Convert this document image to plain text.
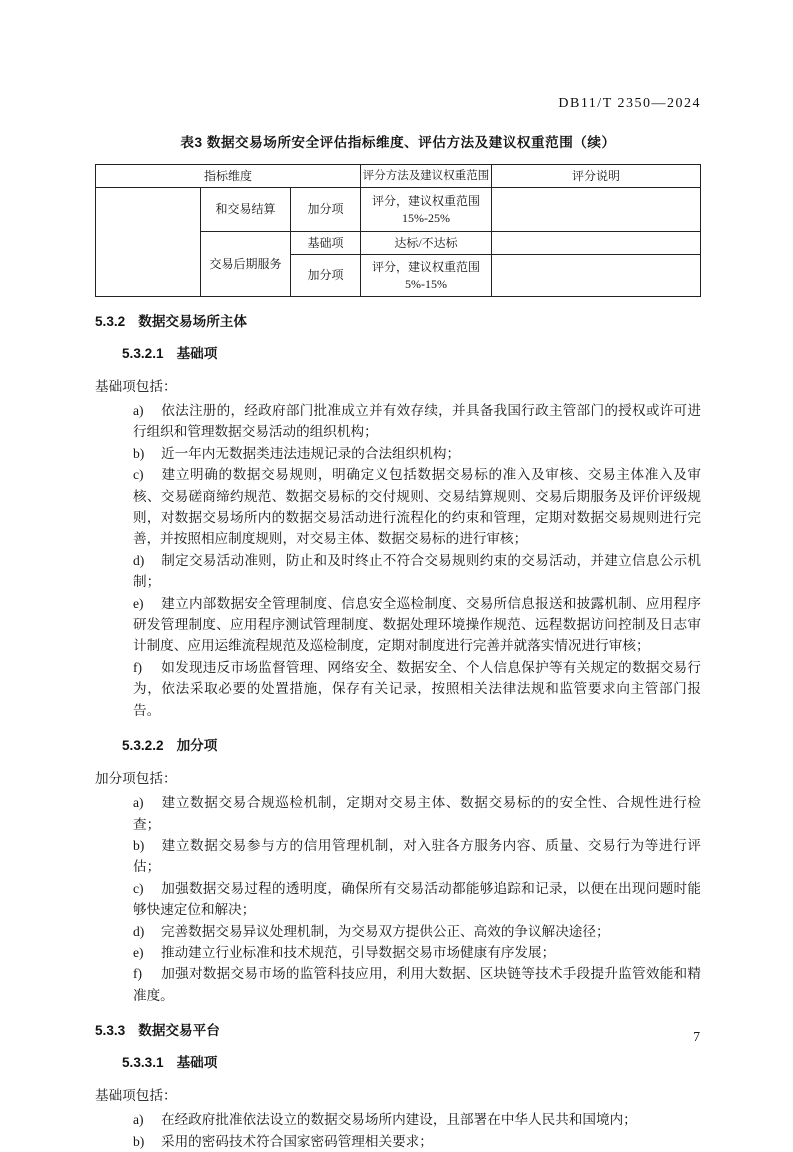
DB11/T 2350—2024
表3 数据交易场所安全评估指标维度、评估方法及建议权重范围（续）
指标维度			评分方法及建议权重范围	评分说明
	和交易结算	加分项	评分，建议权重范围
15%-25%	

	交易后期服务	基础项	达标/不达标	
		加分项	评分，建议权重范围
5%-15%	

5.3.2 数据交易场所主体
5.3.2.1 基础项
基础项包括：
a) 依法注册的，经政府部门批准成立并有效存续，并具备我国行政主管部门的授权或许可进行组织和管理数据交易活动的组织机构；
b) 近一年内无数据类违法违规记录的合法组织机构；
c) 建立明确的数据交易规则，明确定义包括数据交易标的准入及审核、交易主体准入及审核、交易磋商缔约规范、数据交易标的交付规则、交易结算规则、交易后期服务及评价评级规则，对数据交易场所内的数据交易活动进行流程化的约束和管理，定期对数据交易规则进行完善，并按照相应制度规则，对交易主体、数据交易标的进行审核；
d) 制定交易活动准则，防止和及时终止不符合交易规则约束的交易活动，并建立信息公示机制；
e) 建立内部数据安全管理制度、信息安全巡检制度、交易所信息报送和披露机制、应用程序研发管理制度、应用程序测试管理制度、数据处理环境操作规范、远程数据访问控制及日志审计制度、应用运维流程规范及巡检制度，定期对制度进行完善并就落实情况进行审核；
f) 如发现违反市场监督管理、网络安全、数据安全、个人信息保护等有关规定的数据交易行为，依法采取必要的处置措施，保存有关记录，按照相关法律法规和监管要求向主管部门报告。
5.3.2.2 加分项
加分项包括：
a) 建立数据交易合规巡检机制，定期对交易主体、数据交易标的的安全性、合规性进行检查；
b) 建立数据交易参与方的信用管理机制，对入驻各方服务内容、质量、交易行为等进行评估；
c) 加强数据交易过程的透明度，确保所有交易活动都能够追踪和记录，以便在出现问题时能够快速定位和解决；
d) 完善数据交易异议处理机制，为交易双方提供公正、高效的争议解决途径；
e) 推动建立行业标准和技术规范，引导数据交易市场健康有序发展；
f) 加强对数据交易市场的监管科技应用，利用大数据、区块链等技术手段提升监管效能和精准度。
5.3.3 数据交易平台
5.3.3.1 基础项
基础项包括：
a) 在经政府批准依法设立的数据交易场所内建设，且部署在中华人民共和国境内；
b) 采用的密码技术符合国家密码管理相关要求；
7
